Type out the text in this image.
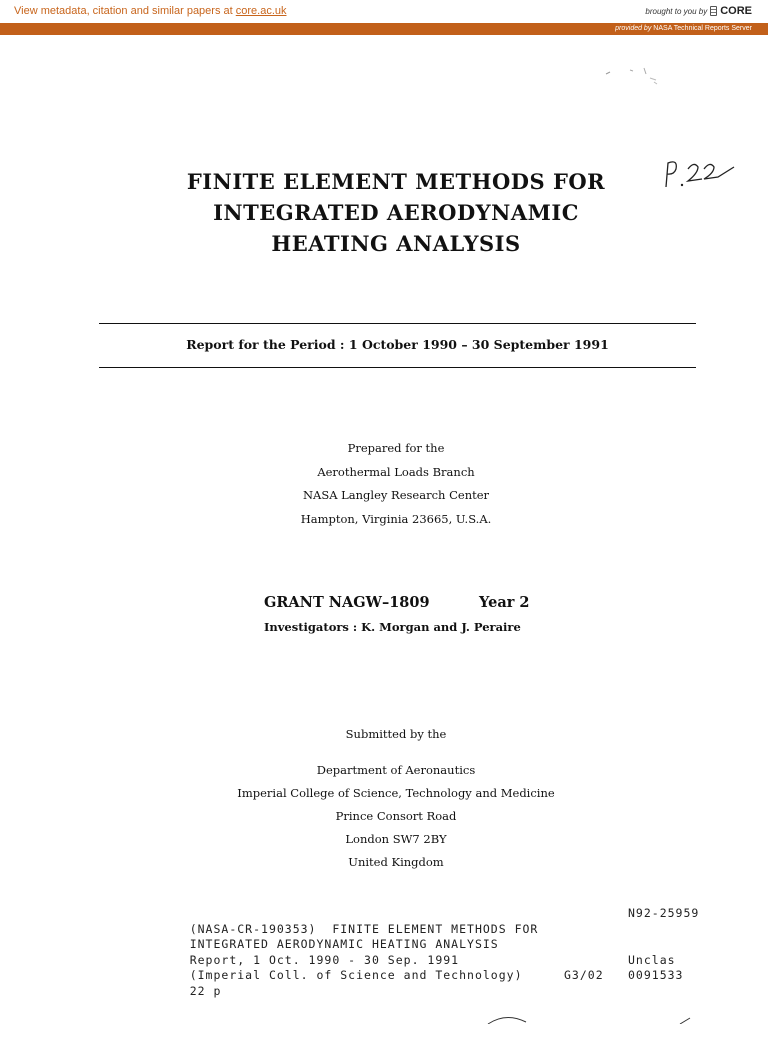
View metadata, citation and similar papers at core.ac.uk	brought to you by CORE
provided by NASA Technical Reports Server
FINITE ELEMENT METHODS FOR
INTEGRATED AERODYNAMIC
HEATING ANALYSIS
Report for the Period : 1 October 1990 – 30 September 1991
Prepared for the
Aerothermal Loads Branch
NASA Langley Research Center
Hampton, Virginia 23665, U.S.A.
GRANT NAGW–1809	Year 2
Investigators : K. Morgan and J. Peraire
Submitted by the
Department of Aeronautics
Imperial College of Science, Technology and Medicine
Prince Consort Road
London SW7 2BY
United Kingdom

(NASA-CR-190353)  FINITE ELEMENT METHODS FOR

N92-25959

INTEGRATED AERODYNAMIC HEATING ANALYSIS

Report, 1 Oct. 1990 - 30 Sep. 1991

(Imperial Coll. of Science and Technology)

Unclas

22 p

G3/02

0091533
